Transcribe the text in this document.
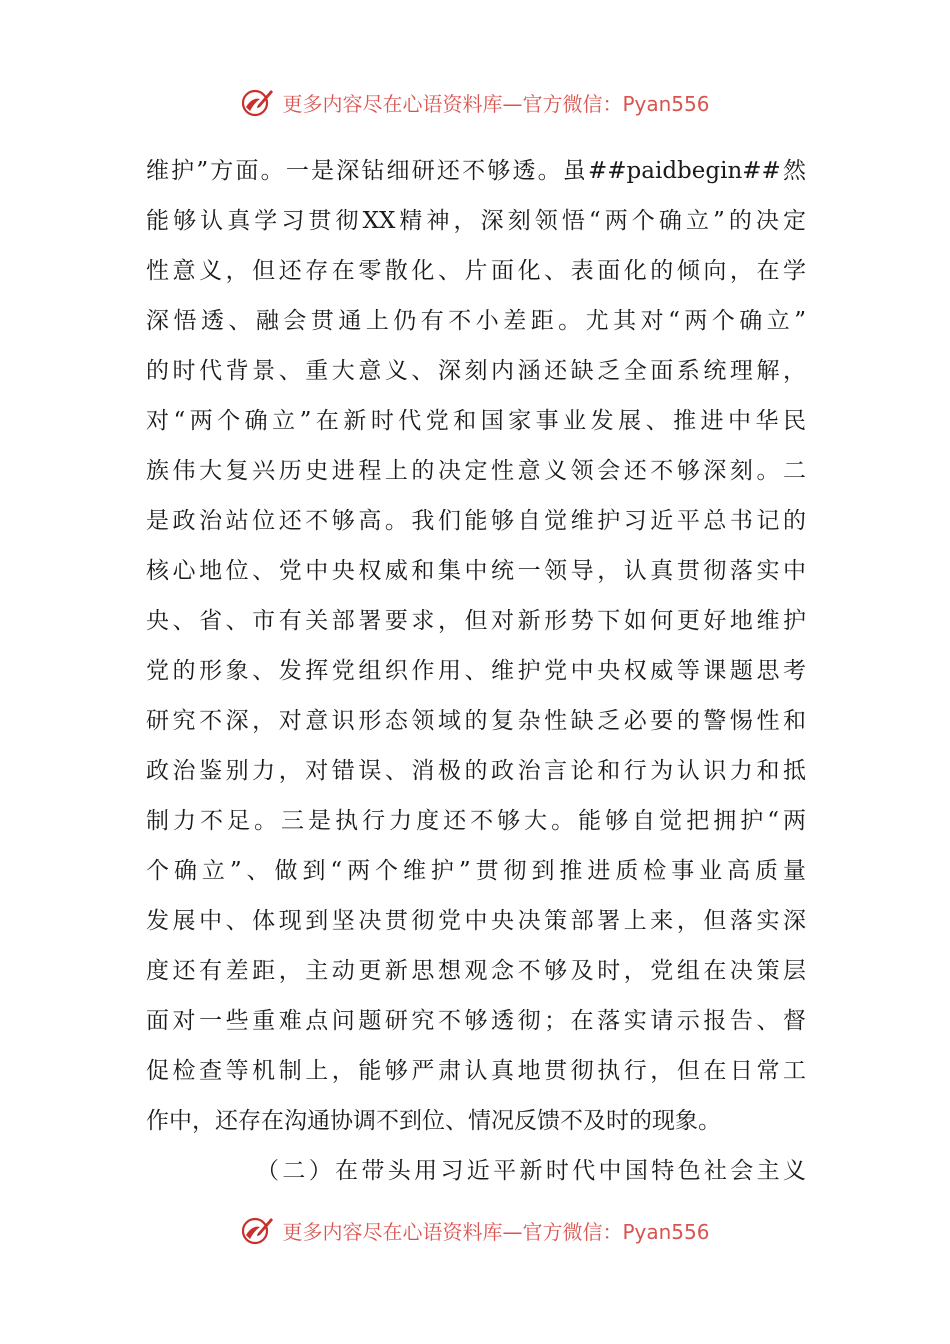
更多内容尽在心语资料库—官方微信：Pyan556
维护”方面。一是深钻细研还不够透。虽##paidbegin##然
能够认真学习贯彻XX精神，深刻领悟“两个确立”的决定
性意义，但还存在零散化、片面化、表面化的倾向，在学
深悟透、融会贯通上仍有不小差距。尤其对“两个确立”
的时代背景、重大意义、深刻内涵还缺乏全面系统理解，
对“两个确立”在新时代党和国家事业发展、推进中华民
族伟大复兴历史进程上的决定性意义领会还不够深刻。二
是政治站位还不够高。我们能够自觉维护习近平总书记的
核心地位、党中央权威和集中统一领导，认真贯彻落实中
央、省、市有关部署要求，但对新形势下如何更好地维护
党的形象、发挥党组织作用、维护党中央权威等课题思考
研究不深，对意识形态领域的复杂性缺乏必要的警惕性和
政治鉴别力，对错误、消极的政治言论和行为认识力和抵
制力不足。三是执行力度还不够大。能够自觉把拥护“两
个确立”、做到“两个维护”贯彻到推进质检事业高质量
发展中、体现到坚决贯彻党中央决策部署上来，但落实深
度还有差距，主动更新思想观念不够及时，党组在决策层
面对一些重难点问题研究不够透彻；在落实请示报告、督
促检查等机制上，能够严肃认真地贯彻执行，但在日常工
作中，还存在沟通协调不到位、情况反馈不及时的现象。
（二）在带头用习近平新时代中国特色社会主义
更多内容尽在心语资料库—官方微信：Pyan556
